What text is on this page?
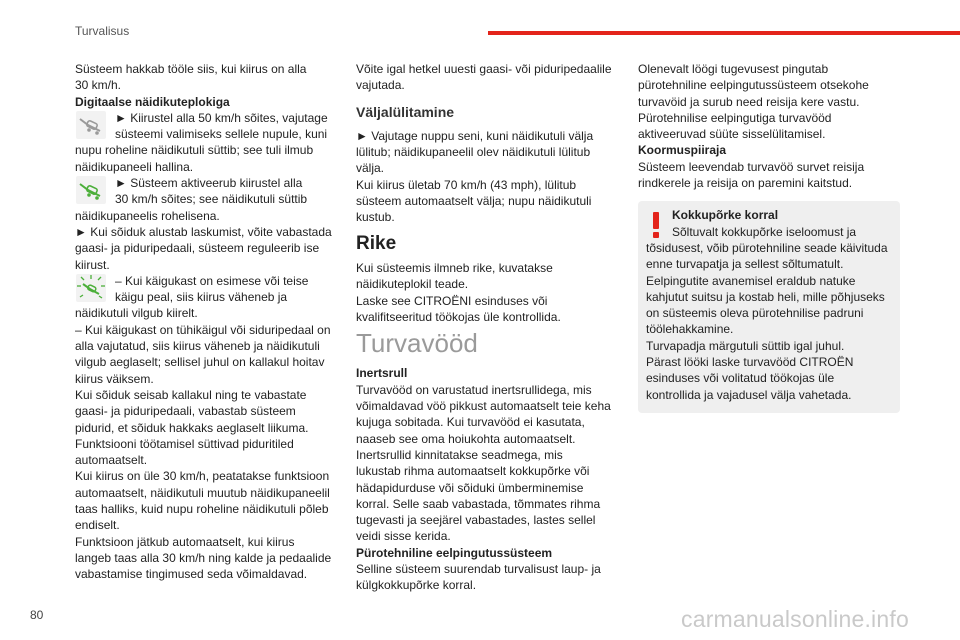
Turvalisus
Süsteem hakkab tööle siis, kui kiirus on alla
30 km/h.
Digitaalse näidikuteplokiga
► Kiirustel alla 50 km/h sõites, vajutage
süsteemi valimiseks sellele nupule, kuni
nupu roheline näidikutuli süttib; see tuli ilmub
näidikupaneeli hallina.
► Süsteem aktiveerub kiirustel alla
30 km/h sõites; see näidikutuli süttib
näidikupaneelis rohelisena.
► Kui sõiduk alustab laskumist, võite vabastada
gaasi- ja piduripedaali, süsteem reguleerib ise
kiirust.
– Kui käigukast on esimese või teise
käigu peal, siis kiirus väheneb ja
näidikutuli vilgub kiirelt.
– Kui käigukast on tühikäigul või siduripedaal on
alla vajutatud, siis kiirus väheneb ja näidikutuli
vilgub aeglaselt; sellisel juhul on kallakul hoitav
kiirus väiksem.
Kui sõiduk seisab kallakul ning te vabastate
gaasi- ja piduripedaali, vabastab süsteem
pidurid, et sõiduk hakkaks aeglaselt liikuma.
Funktsiooni töötamisel süttivad piduritiled
automaatselt.
Kui kiirus on üle 30 km/h, peatatakse funktsioon
automaatselt, näidikutuli muutub näidikupaneelil
taas halliks, kuid nupu roheline näidikutuli põleb
endiselt.
Funktsioon jätkub automaatselt, kui kiirus
langeb taas alla 30 km/h ning kalde ja pedaalide
vabastamise tingimused seda võimaldavad.
Võite igal hetkel uuesti gaasi- või piduripedaalile
vajutada.
Väljalülitamine
► Vajutage nuppu seni, kuni näidikutuli välja
lülitub; näidikupaneelil olev näidikutuli lülitub
välja.
Kui kiirus ületab 70 km/h (43 mph), lülitub
süsteem automaatselt välja; nupu näidikutuli
kustub.
Rike
Kui süsteemis ilmneb rike, kuvatakse
näidikuteplokil teade.
Laske see CITROËNI esinduses või
kvalifitseeritud töökojas üle kontrollida.
Turvavööd
Inertsrull
Turvavööd on varustatud inertsrullidega, mis
võimaldavad vöö pikkust automaatselt teie keha
kujuga sobitada. Kui turvavööd ei kasutata,
naaseb see oma hoiukohta automaatselt.
Inertsrullid kinnitatakse seadmega, mis
lukustab rihma automaatselt kokkupõrke või
hädapidurduse või sõiduki ümberminemise
korral. Selle saab vabastada, tõmmates rihma
tugevasti ja seejärel vabastades, lastes sellel
veidi sisse kerida.
Pürotehniline eelpingutussüsteem
Selline süsteem suurendab turvalisust laup- ja
külgkokkupõrke korral.
Olenevalt löögi tugevusest pingutab
pürotehniline eelpingutussüsteem otsekohe
turvavöid ja surub need reisija kere vastu.
Pürotehnilise eelpingutiga turvavööd
aktiveeruvad süüte sisselülitamisel.
Koormuspiiraja
Süsteem leevendab turvavöö survet reisija
rindkerele ja reisija on paremini kaitstud.
Kokkupõrke korral
Sõltuvalt kokkupõrke iseloomust ja
tõsidusest, võib pürotehniline seade käivituda
enne turvapatja ja sellest sõltumatult.
Eelpingutite avanemisel eraldub natuke
kahjutut suitsu ja kostab heli, mille põhjuseks
on süsteemis oleva pürotehnilise padruni
töölehakkamine.
Turvapadja märgutuli süttib igal juhul.
Pärast lööki laske turvavööd CITROËN
esinduses või volitatud töökojas üle
kontrollida ja vajadusel välja vahetada.
80	carmanualsonline.info
